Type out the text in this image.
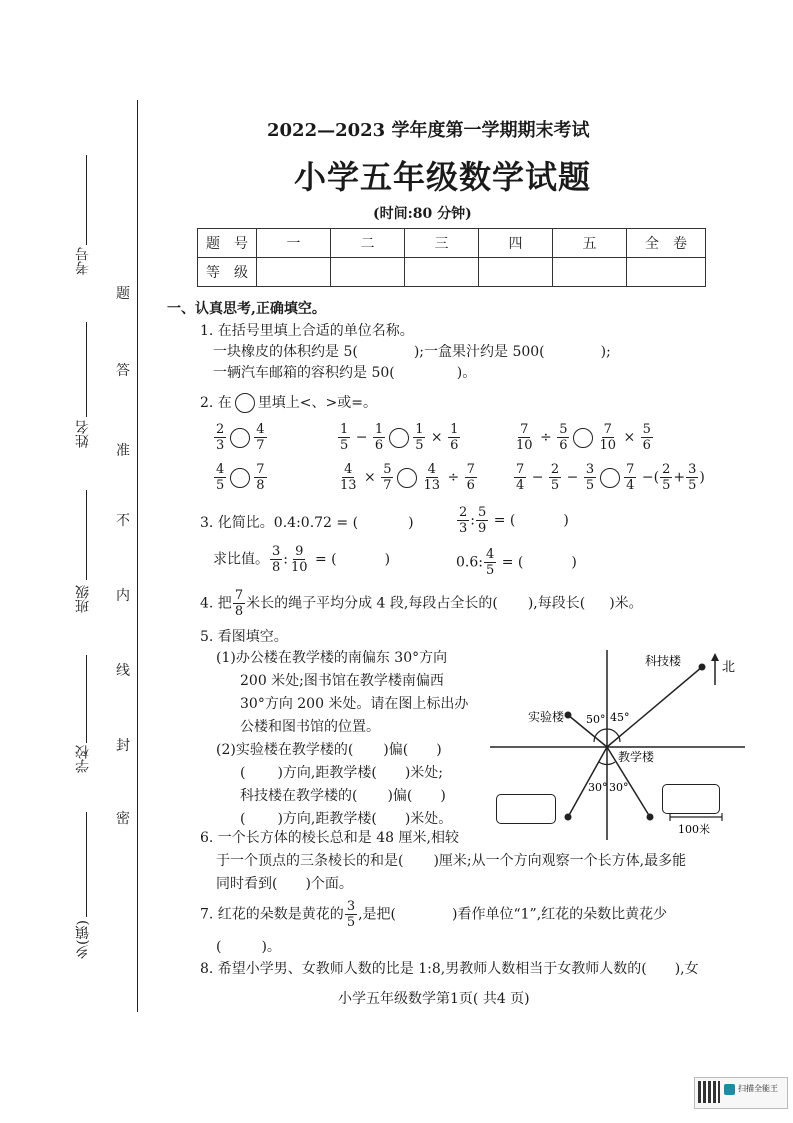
考号
姓名
班级
学校
乡(镇)
题
答
准
不
内
线
封
密
2022—2023 学年度第一学期期末考试
小学五年级数学试题
(时间:80 分钟)
题　号	一	二	三	四	五	全　卷
等　级						
一、认真思考,正确填空。
1. 在括号里填上合适的单位名称。
一块橡皮的体积约是 5(	);一盒果汁约是 500(	);
一辆汽车邮箱的容积约是 50(	)。
2. 在 里填上<、>或=。
$\frac{2}{3} \frac{4}{7}$	$\frac{1}{5} - \frac{1}{6} \frac{1}{5} \times \frac{1}{6}$	$\frac{7}{10} \div \frac{5}{6} \frac{7}{10} \times \frac{5}{6}$
$\frac{4}{5} \frac{7}{8}$	$\frac{4}{13} \times \frac{5}{7} \frac{4}{13} \div \frac{7}{6}$	$\frac{7}{4} - \frac{2}{5} - \frac{3}{5} \frac{7}{4}$ −( $\frac{2}{5} + \frac{3}{5}$ )
3. 化简比。0.4:0.72 = (	)	$\frac{2}{3}$ : $\frac{5}{9}$ = (	)
求比值。 $\frac{3}{8}$ : $\frac{9}{10}$ = (	)	0.6: $\frac{4}{5}$ = (	)
4. 把 $\frac{7}{8}$ 米长的绳子平均分成 4 段,每段占全长的( ),每段长( )米。
5. 看图填空。
(1)办公楼在教学楼的南偏东 30°方向
200 米处;图书馆在教学楼南偏西
30°方向 200 米处。请在图上标出办
公楼和图书馆的位置。
(2)实验楼在教学楼的( )偏( )
( )方向,距教学楼( )米处;
科技楼在教学楼的( )偏( )
( )方向,距教学楼( )米处。
北
科技楼
实验楼
教学楼
50° 45°
30° 30°
100米
6. 一个长方体的棱长总和是 48 厘米,相较
于一个顶点的三条棱长的和是( )厘米;从一个方向观察一个长方体,最多能
同时看到( )个面。
7. 红花的朵数是黄花的 $\frac{3}{5}$ ,是把(	)看作单位“1”,红花的朵数比黄花少
(	)。
8. 希望小学男、女教师人数的比是 1:8,男教师人数相当于女教师人数的( ),女
小学五年级数学第1页( 共4 页)
扫描全能王
